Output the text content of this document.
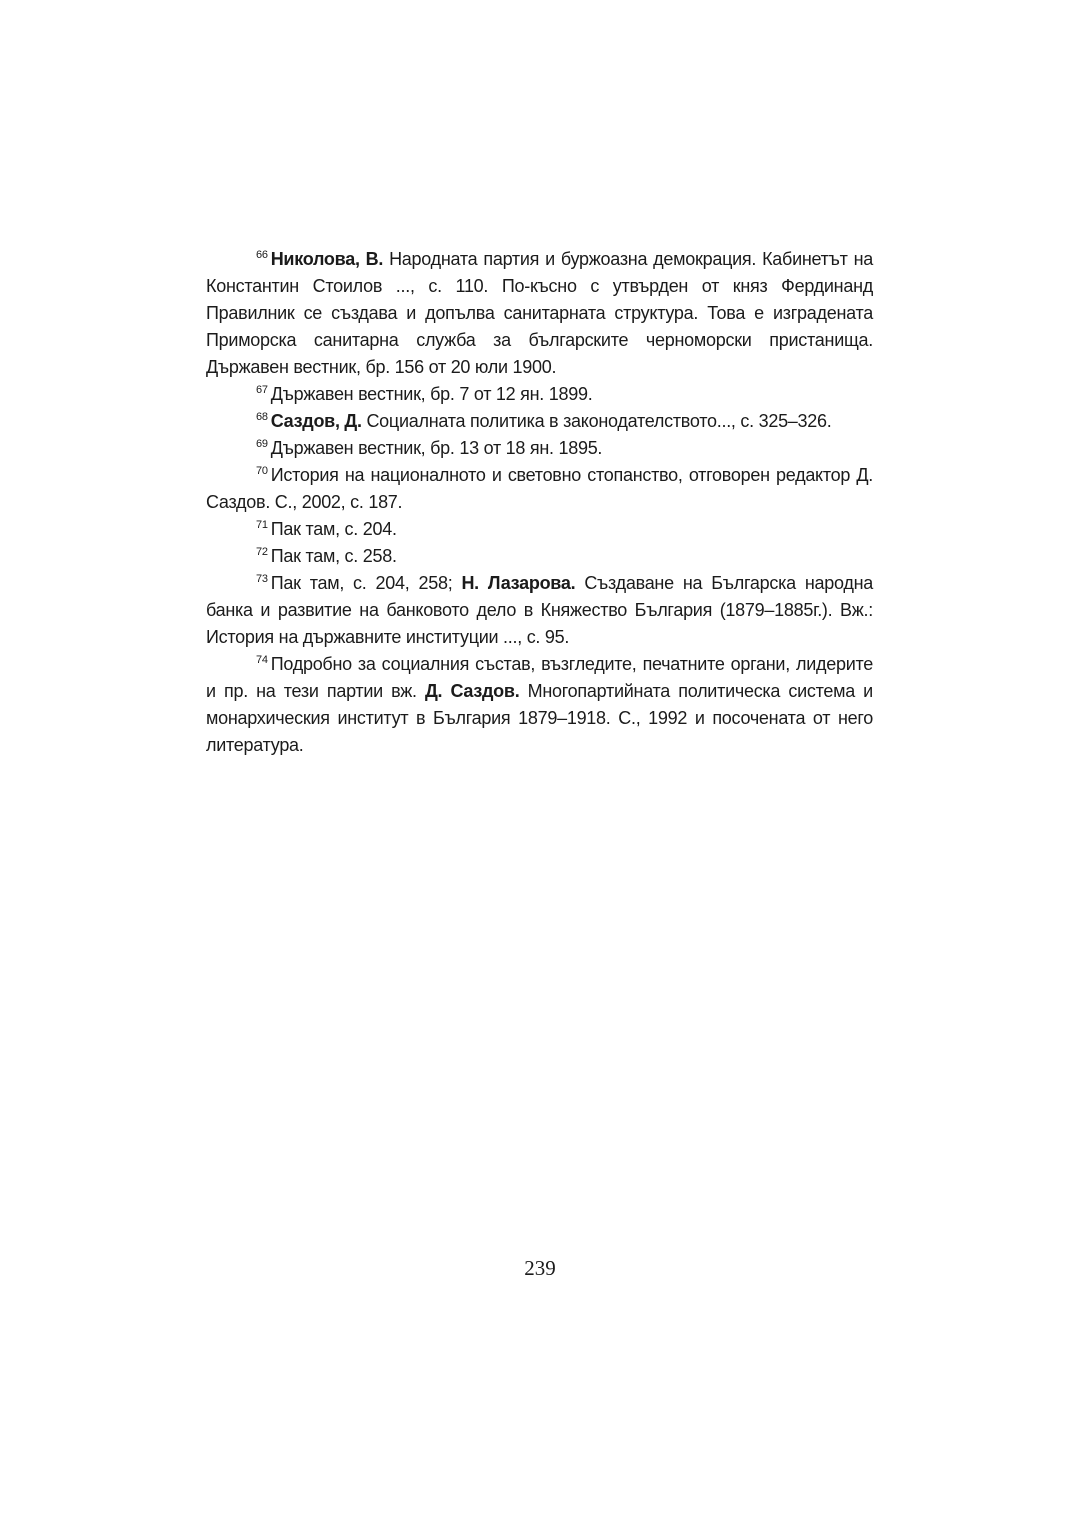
$^{66}$ Николова, В. Народната партия и буржоазна демокрация. Кабинетът на Константин Стоилов ..., с. 110. По-късно с утвърден от княз Фердинанд Правилник се създава и допълва санитарната структура. Това е изградената Приморска санитарна служба за българските черноморски пристанища. Държавен вестник, бр. 156 от 20 юли 1900.

$^{67}$ Държавен вестник, бр. 7 от 12 ян. 1899.

$^{68}$ Саздов, Д. Социалната политика в законодателството..., с. 325–326.

$^{69}$ Държавен вестник, бр. 13 от 18 ян. 1895.

$^{70}$ История на националното и световно стопанство, отговорен редактор Д. Саздов. С., 2002, с. 187.

$^{71}$ Пак там, с. 204.

$^{72}$ Пак там, с. 258.

$^{73}$ Пак там, с. 204, 258; Н. Лазарова. Създаване на Българска народна банка и развитие на банковото дело в Княжество България (1879–1885г.). Вж.: История на държавните институции ..., с. 95.

$^{74}$ Подробно за социалния състав, възгледите, печатните органи, лидерите и пр. на тези партии вж. Д. Саздов. Многопартийната политическа система и монархическия институт в България 1879–1918. С., 1992 и посочената от него литература.

239
